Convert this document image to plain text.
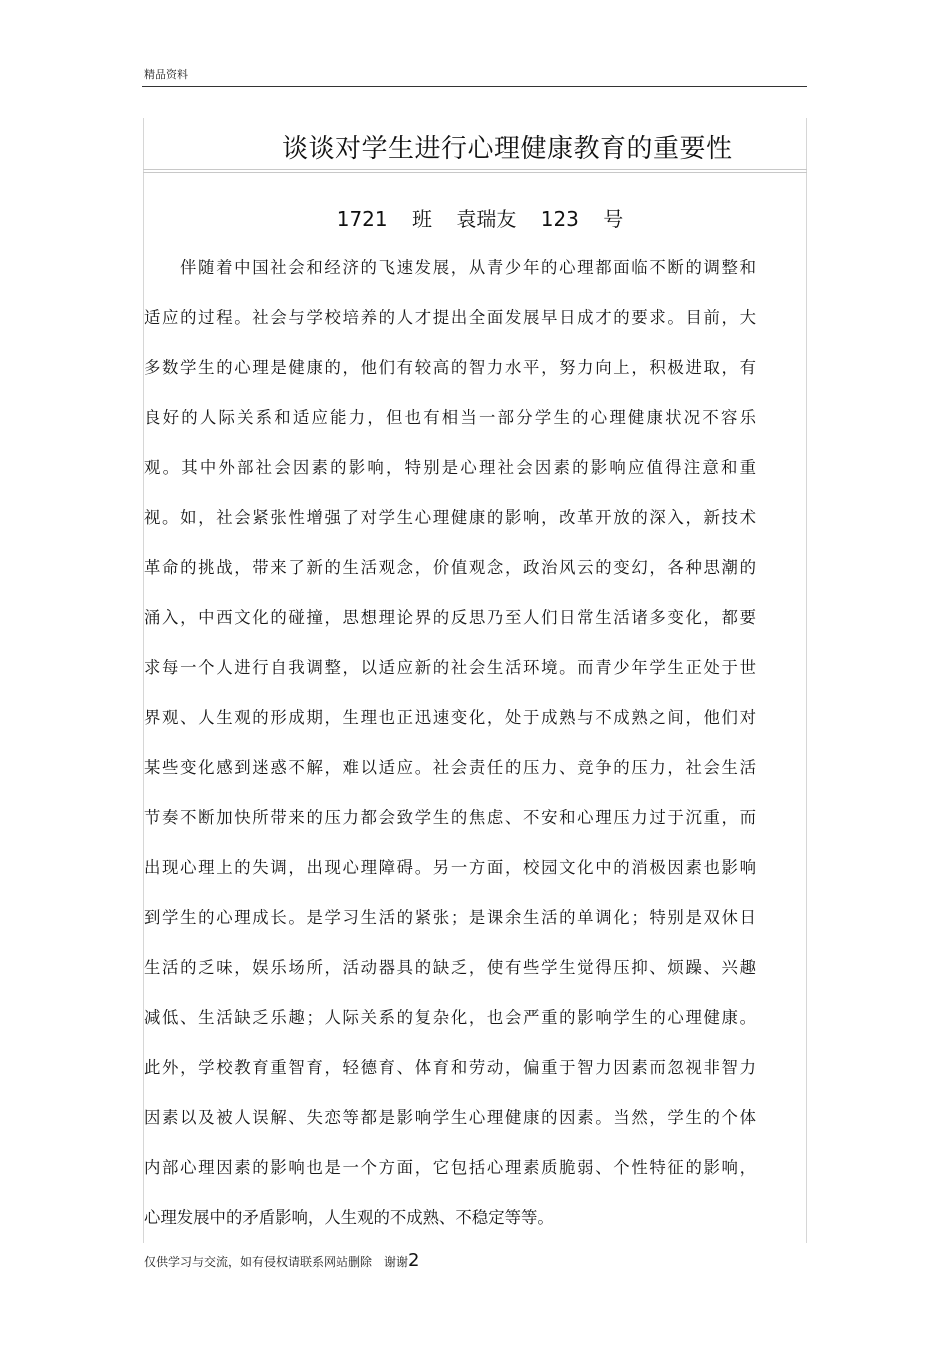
精品资料
谈谈对学生进行心理健康教育的重要性
1721 班 袁瑞友 123 号
伴随着中国社会和经济的飞速发展，从青少年的心理都面临不断的调整和
适应的过程。社会与学校培养的人才提出全面发展早日成才的要求。目前，大
多数学生的心理是健康的，他们有较高的智力水平，努力向上，积极进取，有
良好的人际关系和适应能力，但也有相当一部分学生的心理健康状况不容乐
观。其中外部社会因素的影响，特别是心理社会因素的影响应值得注意和重
视。如，社会紧张性增强了对学生心理健康的影响，改革开放的深入，新技术
革命的挑战，带来了新的生活观念，价值观念，政治风云的变幻，各种思潮的
涌入，中西文化的碰撞，思想理论界的反思乃至人们日常生活诸多变化，都要
求每一个人进行自我调整，以适应新的社会生活环境。而青少年学生正处于世
界观、人生观的形成期，生理也正迅速变化，处于成熟与不成熟之间，他们对
某些变化感到迷惑不解，难以适应。社会责任的压力、竞争的压力，社会生活
节奏不断加快所带来的压力都会致学生的焦虑、不安和心理压力过于沉重，而
出现心理上的失调，出现心理障碍。另一方面，校园文化中的消极因素也影响
到学生的心理成长。是学习生活的紧张；是课余生活的单调化；特别是双休日
生活的乏味，娱乐场所，活动器具的缺乏，使有些学生觉得压抑、烦躁、兴趣
减低、生活缺乏乐趣；人际关系的复杂化，也会严重的影响学生的心理健康。
此外，学校教育重智育，轻德育、体育和劳动，偏重于智力因素而忽视非智力
因素以及被人误解、失恋等都是影响学生心理健康的因素。当然，学生的个体
内部心理因素的影响也是一个方面，它包括心理素质脆弱、个性特征的影响，
心理发展中的矛盾影响，人生观的不成熟、不稳定等等。
仅供学习与交流，如有侵权请联系网站删除　谢谢2
